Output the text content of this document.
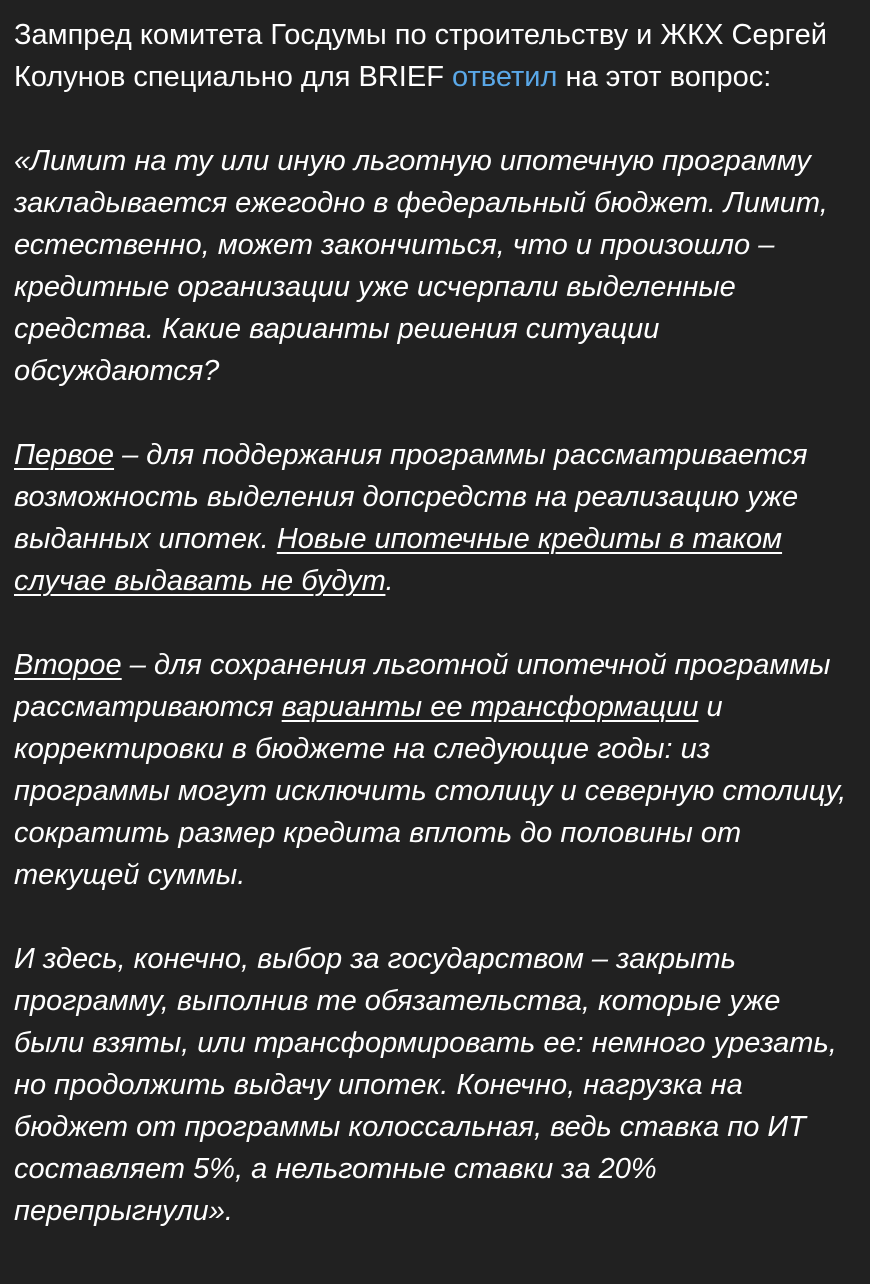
Зампред комитета Госдумы по строительству и ЖКХ Сергей Колунов специально для BRIEF ответил на этот вопрос:

«Лимит на ту или иную льготную ипотечную программу закладывается ежегодно в федеральный бюджет. Лимит, естественно, может закончиться, что и произошло – кредитные организации уже исчерпали выделенные средства. Какие варианты решения ситуации обсуждаются?

Первое – для поддержания программы рассматривается возможность выделения допсредств на реализацию уже выданных ипотек. Новые ипотечные кредиты в таком случае выдавать не будут.

Второе – для сохранения льготной ипотечной программы рассматриваются варианты ее трансформации и корректировки в бюджете на следующие годы: из программы могут исключить столицу и северную столицу, сократить размер кредита вплоть до половины от текущей суммы.

И здесь, конечно, выбор за государством – закрыть программу, выполнив те обязательства, которые уже были взяты, или трансформировать ее: немного урезать, но продолжить выдачу ипотек. Конечно, нагрузка на бюджет от программы колоссальная, ведь ставка по ИТ составляет 5%, а нельготные ставки за 20% перепрыгнули».
